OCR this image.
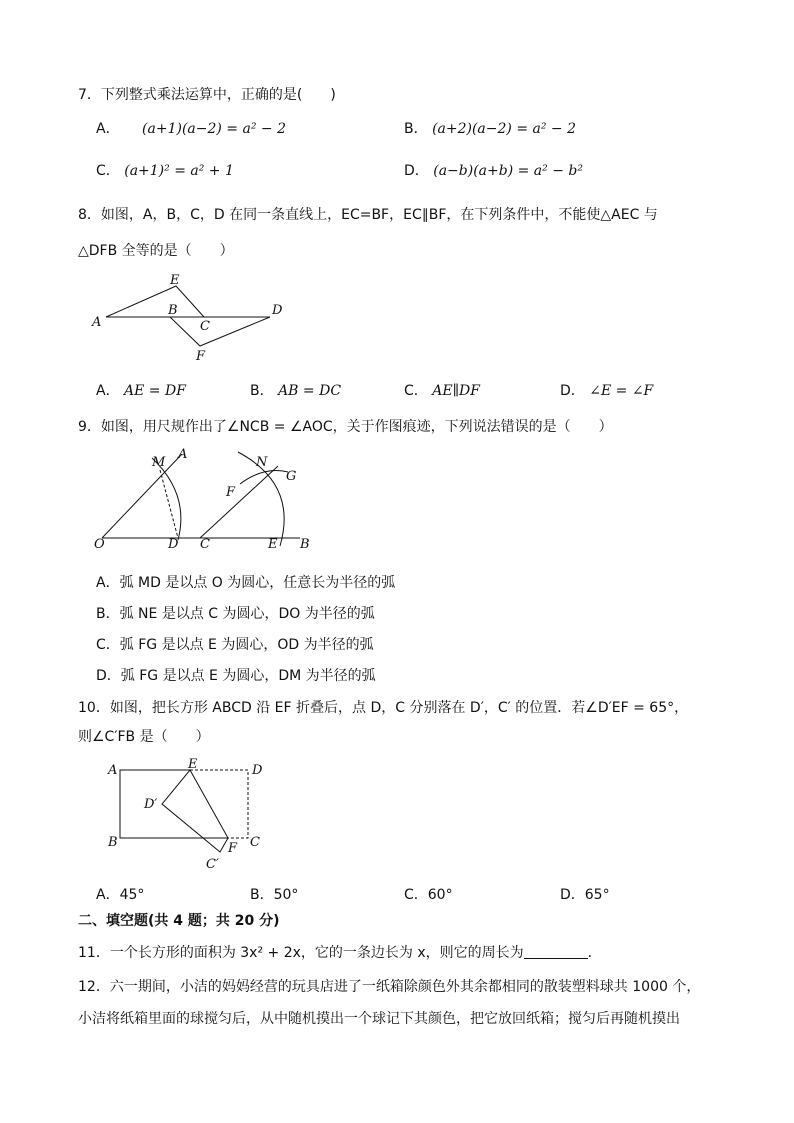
7．下列整式乘法运算中，正确的是(　　)
A． (a+1)(a−2) = a² − 2	B． (a+2)(a−2) = a² − 2
C． (a+1)² = a² + 1	D． (a−b)(a+b) = a² − b²
8．如图，A，B，C，D 在同一条直线上，EC=BF，EC∥BF，在下列条件中，不能使△AEC 与
△DFB 全等的是（　　）
A
E
B
C
D
F
A． AE = DF	B． AB = DC	C． AE∥DF	D． ∠E = ∠F
9．如图，用尺规作出了∠NCB = ∠AOC，关于作图痕迹，下列说法错误的是（　　）
M
A
O	D
N
G
F
C	E B
A．弧 MD 是以点 O 为圆心，任意长为半径的弧
B．弧 NE 是以点 C 为圆心，DO 为半径的弧
C．弧 FG 是以点 E 为圆心，OD 为半径的弧
D．弧 FG 是以点 E 为圆心，DM 为半径的弧
10．如图，把长方形 ABCD 沿 EF 折叠后，点 D，C 分别落在 D′，C′ 的位置．若∠D′EF = 65°，
则∠C′FB 是（　　）
A	E	D
D′
B	F C
C′
A．45°	B．50°	C．60°	D．65°
二、填空题(共 4 题；共 20 分)
11．一个长方形的面积为 3x² + 2x，它的一条边长为 x，则它的周长为	．
12．六一期间，小洁的妈妈经营的玩具店进了一纸箱除颜色外其余都相同的散装塑料球共 1000 个，
小洁将纸箱里面的球搅匀后，从中随机摸出一个球记下其颜色，把它放回纸箱；搅匀后再随机摸出
